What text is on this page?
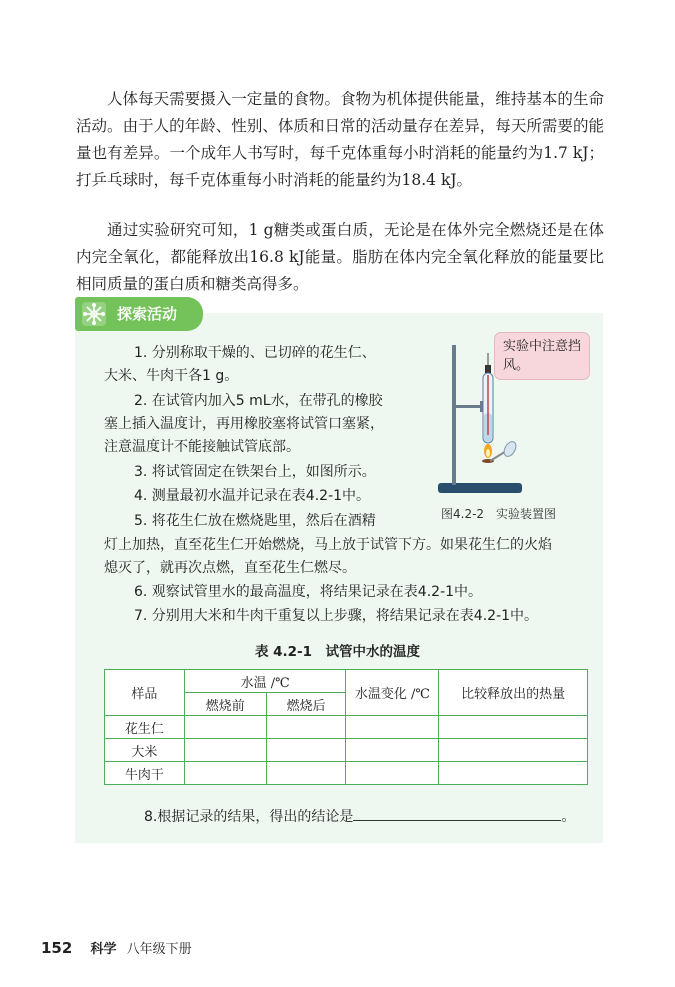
人体每天需要摄入一定量的食物。食物为机体提供能量，维持基本的生命活动。由于人的年龄、性别、体质和日常的活动量存在差异，每天所需要的能量也有差异。一个成年人书写时，每千克体重每小时消耗的能量约为1.7 kJ；打乒乓球时，每千克体重每小时消耗的能量约为18.4 kJ。

通过实验研究可知，1 g糖类或蛋白质，无论是在体外完全燃烧还是在体内完全氧化，都能释放出16.8 kJ能量。脂肪在体内完全氧化释放的能量要比相同质量的蛋白质和糖类高得多。

探索活动

1. 分别称取干燥的、已切碎的花生仁、

大米、牛肉干各1 g。

2. 在试管内加入5 mL水，在带孔的橡胶

塞上插入温度计，再用橡胶塞将试管口塞紧，

注意温度计不能接触试管底部。

3. 将试管固定在铁架台上，如图所示。

4. 测量最初水温并记录在表4.2-1中。

5. 将花生仁放在燃烧匙里，然后在酒精

灯上加热，直至花生仁开始燃烧，马上放于试管下方。如果花生仁的火焰

熄灭了，就再次点燃，直至花生仁燃尽。

6. 观察试管里水的最高温度，将结果记录在表4.2-1中。

7. 分别用大米和牛肉干重复以上步骤，将结果记录在表4.2-1中。

实验中注意挡风。
图4.2-2　实验装置图
表 4.2-1　试管中水的温度
样品	水温 /℃		水温变化 /℃	比较释放出的热量
	燃烧前	燃烧后		
花生仁				
大米				
牛肉干				
8.根据记录的结果，得出的结论是	。
152 科学 八年级下册
